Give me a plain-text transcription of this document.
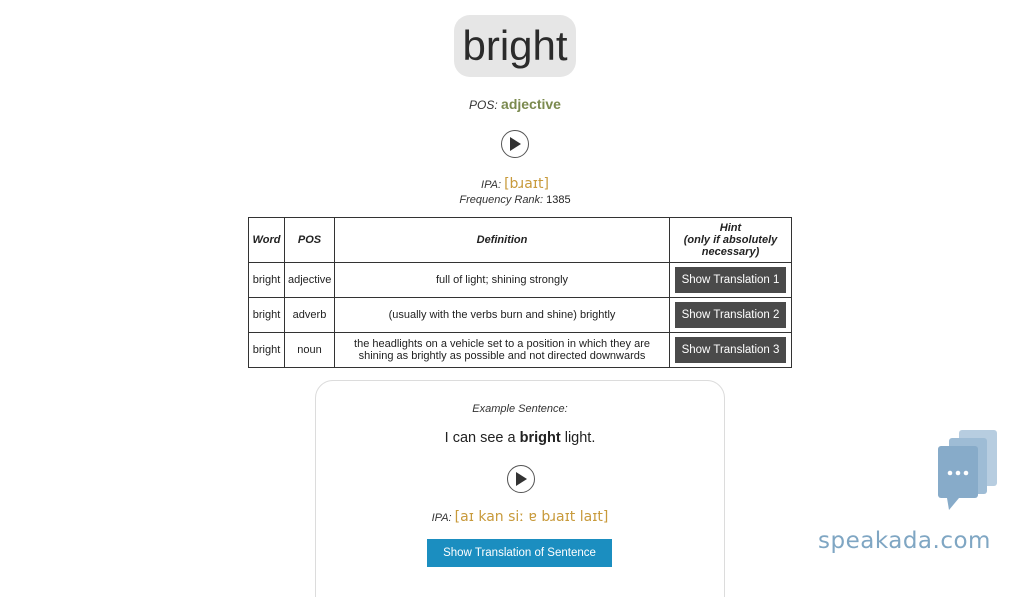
bright
POS: adjective
IPA: [bɹaɪt]
Frequency Rank: 1385
Word	POS	Definition	Hint
(only if absolutely necessary)

bright	adjective	full of light; shining strongly	Show Translation 1
bright	adverb	(usually with the verbs burn and shine) brightly	Show Translation 2
bright	noun	the headlights on a vehicle set to a position in which they are shining as brightly as possible and not directed downwards	Show Translation 3
Example Sentence:
I can see a bright light.
IPA: [aɪ kan siː ɐ bɹaɪt laɪt]
Show Translation of Sentence	speakada.com
